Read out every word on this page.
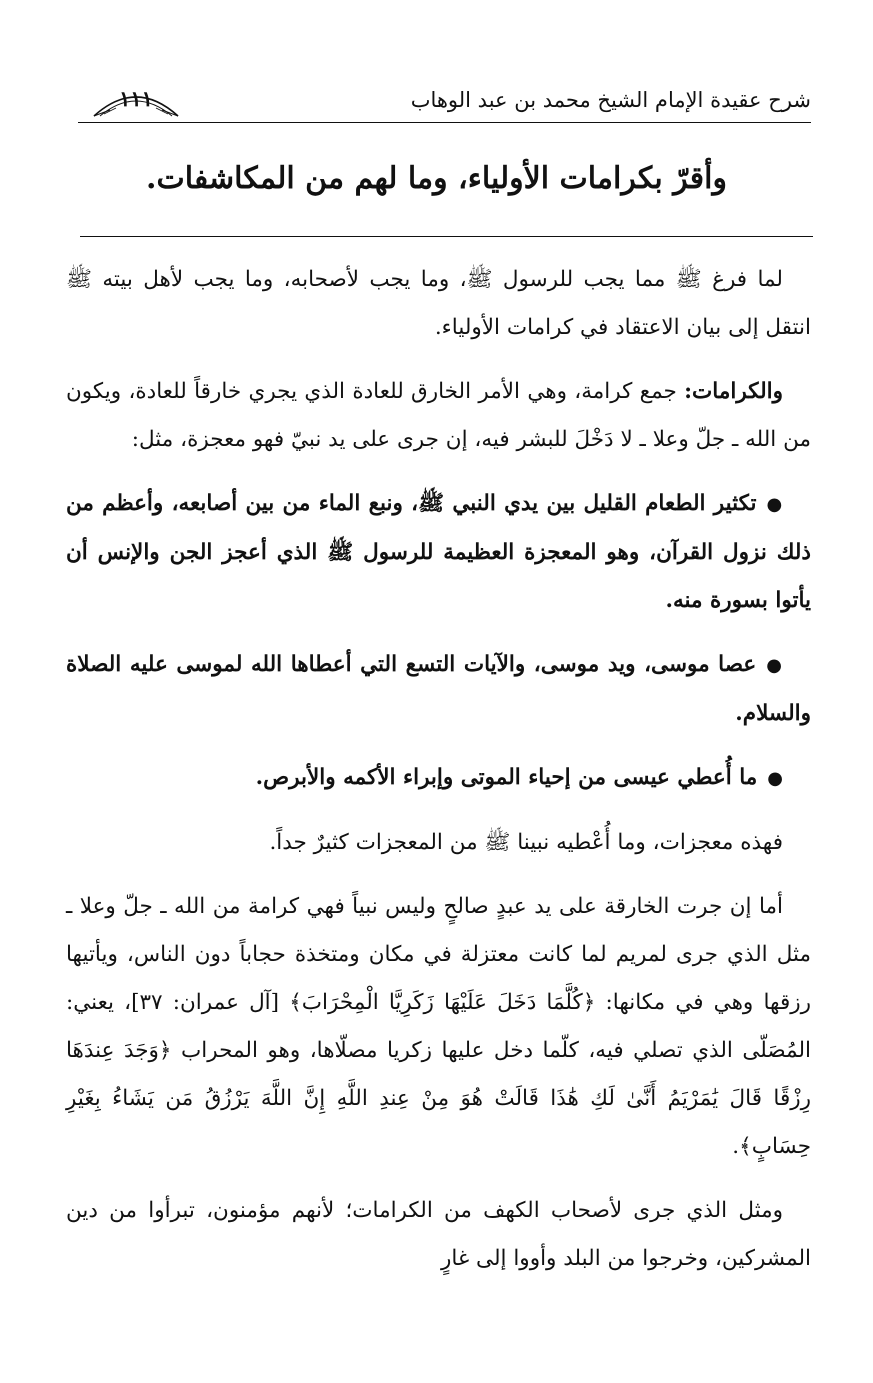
شرح عقيدة الإمام الشيخ محمد بن عبد الوهاب
١١١
وأقرّ بكرامات الأولياء، وما لهم من المكاشفات.

لما فرغ ﷺ مما يجب للرسول ﷺ، وما يجب لأصحابه، وما يجب لأهل بيته ﷺ انتقل إلى بيان الاعتقاد في كرامات الأولياء.

والكرامات: جمع كرامة، وهي الأمر الخارق للعادة الذي يجري خارقاً للعادة، ويكون من الله ـ جلّ وعلا ـ لا دَخْلَ للبشر فيه، إن جرى على يد نبيّ فهو معجزة، مثل:

●تكثير الطعام القليل بين يدي النبي ﷺ، ونبع الماء من بين أصابعه، وأعظم من ذلك نزول القرآن، وهو المعجزة العظيمة للرسول ﷺ الذي أعجز الجن والإنس أن يأتوا بسورة منه.

●عصا موسى، ويد موسى، والآيات التسع التي أعطاها الله لموسى عليه الصلاة والسلام.

●ما أُعطي عيسى من إحياء الموتى وإبراء الأكمه والأبرص.

فهذه معجزات، وما أُعْطيه نبينا ﷺ من المعجزات كثيرٌ جداً.

أما إن جرت الخارقة على يد عبدٍ صالحٍ وليس نبياً فهي كرامة من الله ـ جلّ وعلا ـ مثل الذي جرى لمريم لما كانت معتزلة في مكان ومتخذة حجاباً دون الناس، ويأتيها رزقها وهي في مكانها: ﴿كُلَّمَا دَخَلَ عَلَيْهَا زَكَرِيَّا الْمِحْرَابَ﴾ [آل عمران: ٣٧]، يعني: المُصَلّى الذي تصلي فيه، كلّما دخل عليها زكريا مصلّاها، وهو المحراب ﴿وَجَدَ عِندَهَا رِزْقًا قَالَ يَٰمَرْيَمُ أَنَّىٰ لَكِ هَٰذَا قَالَتْ هُوَ مِنْ عِندِ اللَّهِ إِنَّ اللَّهَ يَرْزُقُ مَن يَشَاءُ بِغَيْرِ حِسَابٍ﴾.

ومثل الذي جرى لأصحاب الكهف من الكرامات؛ لأنهم مؤمنون، تبرأوا من دين المشركين، وخرجوا من البلد وأووا إلى غارٍ
